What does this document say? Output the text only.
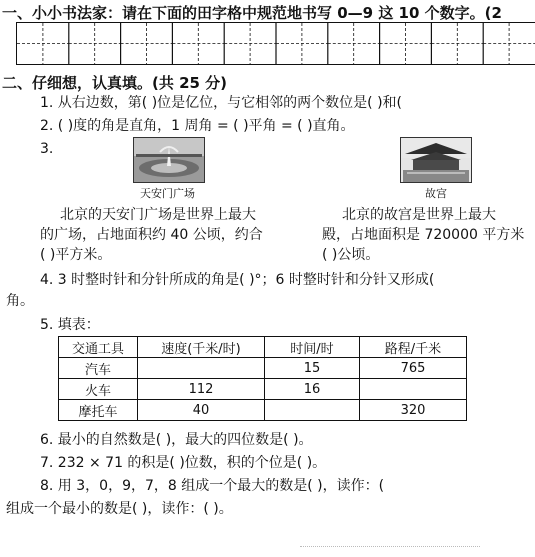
一、小小书法家：请在下面的田字格中规范地书写 0—9 这 10 个数字。(2
二、仔细想，认真填。(共 25 分)
1. 从右边数，第( )位是亿位，与它相邻的两个数位是( )和(
2. ( )度的角是直角，1 周角 = ( )平角 = ( )直角。
3.
天安门广场	故宫
北京的天安门广场是世界上最大
的广场，占地面积约 40 公顷，约合
( )平方米。
北京的故宫是世界上最大
殿，占地面积是 720000 平方米
( )公顷。
4. 3 时整时针和分针所成的角是( )°；6 时整时针和分针又形成(
角。
5. 填表：
交通工具	速度(千米/时)	时间/时	路程/千米
汽车		15	765
火车	112	16	
摩托车	40		320
6. 最小的自然数是( )，最大的四位数是( )。
7. 232 × 71 的积是( )位数，积的个位是( )。
8. 用 3，0，9，7，8 组成一个最大的数是( )，读作：(
组成一个最小的数是( )，读作：( )。
